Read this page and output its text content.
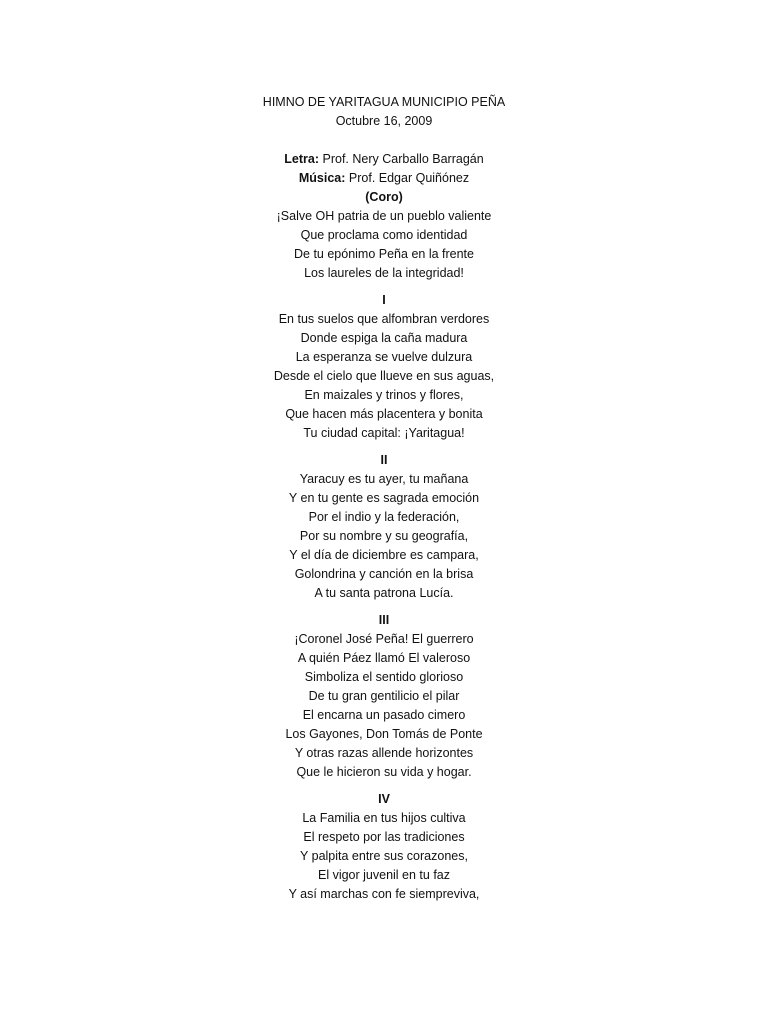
HIMNO DE YARITAGUA MUNICIPIO PEÑA
Octubre 16, 2009
Letra: Prof. Nery Carballo Barragán
Música: Prof. Edgar Quiñónez
(Coro)
¡Salve OH patria de un pueblo valiente
Que proclama como identidad
De tu epónimo Peña en la frente
Los laureles de la integridad!
I
En tus suelos que alfombran verdores
Donde espiga la caña madura
La esperanza se vuelve dulzura
Desde el cielo que llueve en sus aguas,
En maizales y trinos y flores,
Que hacen más placentera y bonita
Tu ciudad capital: ¡Yaritagua!
II
Yaracuy es tu ayer, tu mañana
Y en tu gente es sagrada emoción
Por el indio y la federación,
Por su nombre y su geografía,
Y el día de diciembre es campara,
Golondrina y canción en la brisa
A tu santa patrona Lucía.
III
¡Coronel José Peña! El guerrero
A quién Páez llamó El valeroso
Simboliza el sentido glorioso
De tu gran gentilicio el pilar
El encarna un pasado cimero
Los Gayones, Don Tomás de Ponte
Y otras razas allende horizontes
Que le hicieron su vida y hogar.
IV
La Familia en tus hijos cultiva
El respeto por las tradiciones
Y palpita entre sus corazones,
El vigor juvenil en tu faz
Y así marchas con fe siempreviva,
